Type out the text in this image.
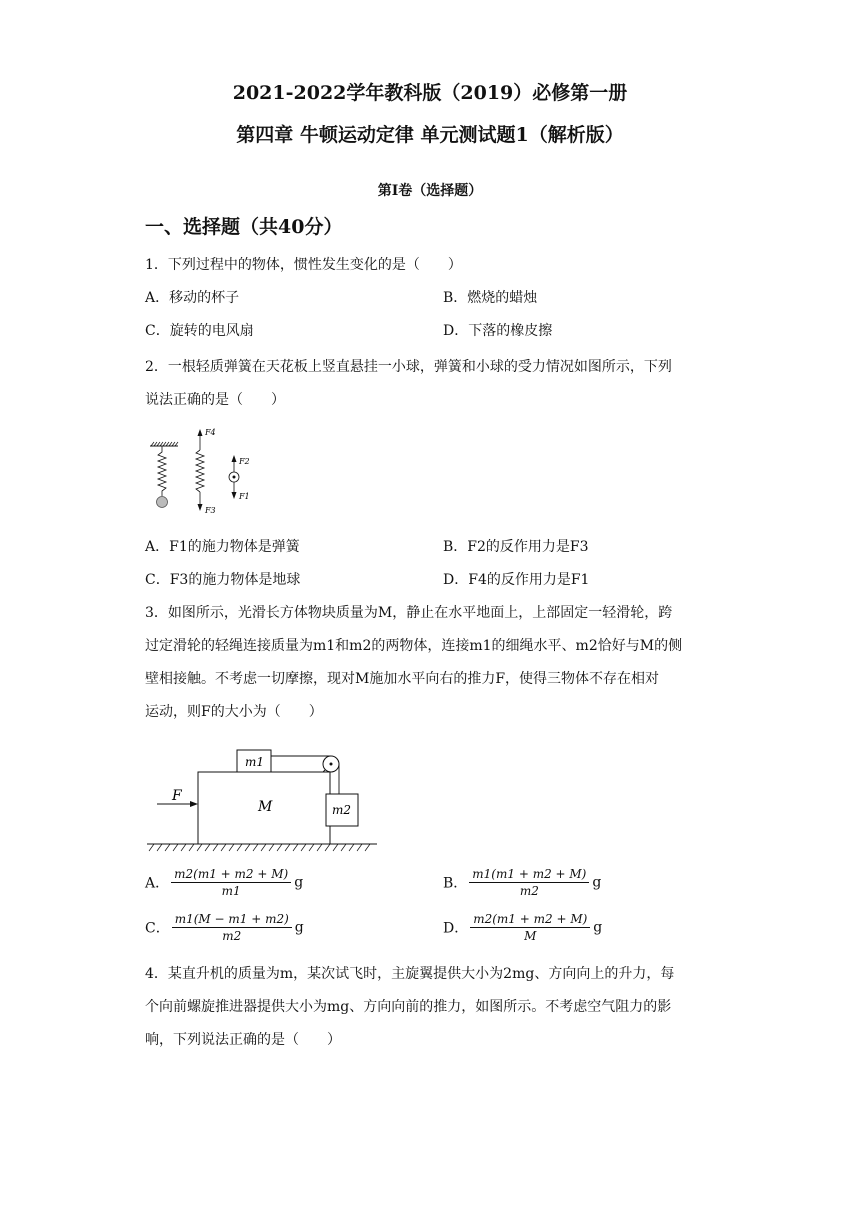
2021-2022学年教科版（2019）必修第一册
第四章 牛顿运动定律 单元测试题1（解析版）
第Ⅰ卷（选择题）
一、选择题（共40分）
1．下列过程中的物体，惯性发生变化的是（　　）
A．移动的杯子	B．燃烧的蜡烛
C．旋转的电风扇	D．下落的橡皮擦
2．一根轻质弹簧在天花板上竖直悬挂一小球，弹簧和小球的受力情况如图所示，下列
说法正确的是（　　）
F4
F3
F2
F1
A．F1的施力物体是弹簧	B．F2的反作用力是F3
C．F3的施力物体是地球	D．F4的反作用力是F1
3．如图所示，光滑长方体物块质量为M，静止在水平地面上，上部固定一轻滑轮，跨
过定滑轮的轻绳连接质量为m1和m2的两物体，连接m1的细绳水平、m2恰好与M的侧
壁相接触。不考虑一切摩擦，现对M施加水平向右的推力F，使得三物体不存在相对
运动，则F的大小为（　　）
F
M
m1
m2
A． $\frac{m2(m1 + m2 + M)}{m1}$ g	B． $\frac{m1(m1 + m2 + M)}{m2}$ g
C． $\frac{m1(M - m1 + m2)}{m2}$ g	D． $\frac{m2(m1 + m2 + M)}{M}$ g
4．某直升机的质量为m，某次试飞时，主旋翼提供大小为2mg、方向向上的升力，每
个向前螺旋推进器提供大小为mg、方向向前的推力，如图所示。不考虑空气阻力的影
响，下列说法正确的是（　　）
